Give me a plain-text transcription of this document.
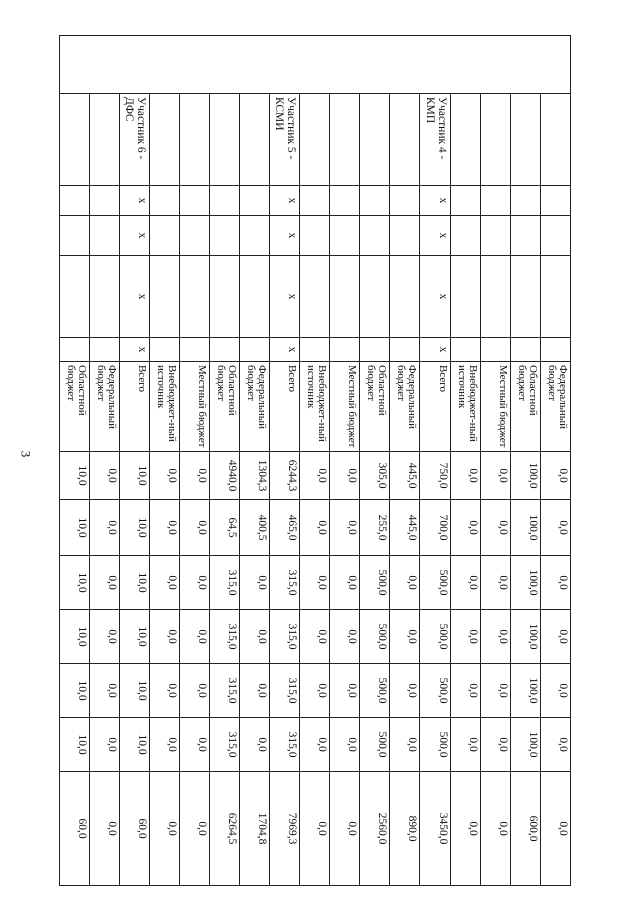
3
						Федеральный бюджет	0,0	0,0	0,0	0,0	0,0	0,0	0,0
						Областной бюджет	100,0	100,0	100,0	100,0	100,0	100,0	600,0
						Местный бюджет	0,0	0,0	0,0	0,0	0,0	0,0	0,0
						Внебюджет-ный источник	0,0	0,0	0,0	0,0	0,0	0,0	0,0
	Участник 4 - КМП	x	x	x	x	Всего	750,0	700,0	500,0	500,0	500,0	500,0	3450,0
						Федеральный бюджет	445,0	445,0	0,0	0,0	0,0	0,0	890,0
						Областной бюджет	305,0	255,0	500,0	500,0	500,0	500,0	2560,0
						Местный бюджет	0,0	0,0	0,0	0,0	0,0	0,0	0,0
						Внебюджет-ный источник	0,0	0,0	0,0	0,0	0,0	0,0	0,0
	Участник 5 - КСМИ	x	x	x	x	Всего	6244,3	465,0	315,0	315,0	315,0	315,0	7969,3
						Федеральный бюджет	1304,3	400,5	0,0	0,0	0,0	0,0	1704,8
						Областной бюджет	4940,0	64,5	315,0	315,0	315,0	315,0	6264,5
						Местный бюджет	0,0	0,0	0,0	0,0	0,0	0,0	0,0
						Внебюджет-ный источник	0,0	0,0	0,0	0,0	0,0	0,0	0,0
	Участник 6 - ДФС	x	x	x	x	Всего	10,0	10,0	10,0	10,0	10,0	10,0	60,0
						Федеральный бюджет	0,0	0,0	0,0	0,0	0,0	0,0	0,0
						Областной бюджет	10,0	10,0	10,0	10,0	10,0	10,0	60,0
